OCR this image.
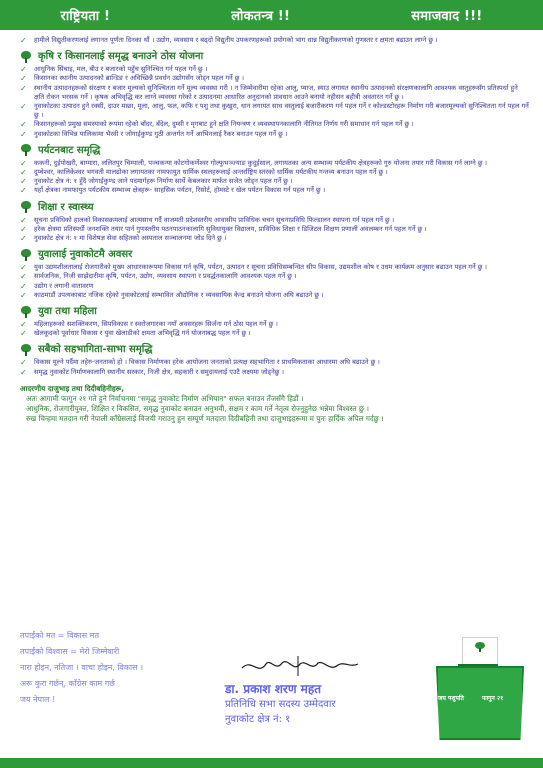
राष्ट्रियता !	लोकतन्त्र !!	समाजवाद !!!

✓ हामीले विद्युतीकरणलाई लगानत पूर्णता दिनका थौं । उद्योग, व्यवसाय र बढ्दो विद्युतीय उपकरणहरूको प्रयोगको भाग धान्न विद्युतीकरणको गुणस्तर र क्षमता बढाउन लाग्ने छु ।

कृषि र किसानलाई समृद्ध बनाउने ठोस योजना

✓ आधुनिक सिंचाइ, मल, बीउ र बजारको पहुँच सुनिश्चित गर्न पहल गर्ने छु ।

✓ किसानका स्थानीय उत्पादनको ब्रान्डिङ र अविच्छिन्नै प्रवर्धन उद्योगसँग जोड्न पहल गर्ने छु ।

✓ स्थानीय उत्पादनहरूको संरक्षण र बजार मूल्यको सुनिश्चितता गर्ने मूल्य व्यवस्था गरी । न जिम्मेवारीमा रहेका आलु, प्याज, स्याउ लगायत स्थानीय उत्पादनको संरक्षणकालागि आवश्यक वस्तुहरूसँग प्रतिस्पर्धा हुने क्षति रोकन भरसक गर्ने । कृषक अभिवृद्धि कर लाग्ने व्यवस्था गरेको र उत्पादनमा आधारित अनुदानको प्रावधान आउने बनायो नहीसन बहीत्री अवतारत गर्ने छु ।

✓ नुवाकोटका उत्पादन हुने रक्सी, दाउर माछा, मूला, आलु, फल, कफि र पशु तथा कुखुरा, धान लगायत साथ वस्तुलाई बजारीकरण गर्न पहल गर्ने र कोल्डस्टोरहरू निर्माण गरी बजारमूल्यको सुनिश्चितता गर्न पहल गर्ने छु ।

✓ किसानहरूको प्रमुख समस्याको रूपमा रहेको बाँदर, बँदेल, दुम्सी र मृगबाट हुने क्षति नियन्त्रण र व्यवस्थापनकालागि नीतिगत निर्णय गरी समाधान गर्न पहल गर्ने छु ।

✓ नुवाकोटका विभिन्न पालिकामा भैरवी र जोगाईकुण्ड गुठी अन्तर्गत गर्ने आभिनलाई रैकर बनाउन पहल गर्ने छु ।

पर्यटनबाट समृद्धि

✓ ककनी, दुईपोखरी, बाग्मारा, ललितपुर चिम्पाली, पञ्चकन्या कोटगोकर्णेश्वर गोल्फुभञ्ज्याङ कुदुईसाल, लगायतका अन्य सम्भाव्य पर्यटकीय क्षेत्रहरूको गुरु योजना तयार गरी विकास गर्न लाग्ने छु ।

✓ दुप्चेश्वर, कालिकेश्वर भगवती मालढोका लगायतका नामफायुत धार्मिक स्थलहरूलाई अन्तर्राष्ट्रिय स्तरको धार्मिक पर्यटकीय गन्तव्य बनाउन पहल गर्ने छु ।

✓ नुवाकोट क्षेत्र नं: १ हुँदै जोगाईकुण्ड जाने पदमार्गहरू निर्माण सार्थे केबलकार मार्फत सजेत जोड्न पहल गर्ने छु ।

✓ यहाँ क्षेत्रका नामफायुत पर्यटकीय सम्भाव्य क्षेत्रहरू- साहसिक पर्यटन, रिसोर्ट, होमस्टे र खेल पर्यटन विकास गर्न पहल गर्ने छु ।

शिक्षा र स्वास्थ्य

✓ सूचना प्रविधिको हालको विकासक्रमलाई आत्मसाथ गर्दै वाजमती प्रदेशस्तरीय आवासीय प्राविधिक चचन सूचनाप्रविधि फिल्डालन स्थापना गर्न पहल गर्ने छु ।

✓ हरेक क्षेत्रमा प्रतिस्पर्धी जनशक्ति तयार पार्न गुणस्तरीय पठनपाठनकालागि सुविधायुक्त विद्यालय, प्राविधिक शिक्षा र डिजिटल शिक्षण प्रणाली अवलम्बन गर्न पहल गर्ने छु ।

✓ नुवाकोट क्षेत्र नं: १ मा विशेषज्ञ सेवा सहितको अस्पताल सञ्चालनमा जोड दिने छु ।

युवालाई नुवाकोटमै अवसर

✓ युवा उद्यमशीलतालाई रोजगारीको मुख्य आधारकारूपमा विकास गर्न कृषि, पर्यटन, उत्पादन र सूचना प्रविधिसम्बन्धित सीप विकास, उद्यमशील कोष र उधम कार्यक्रम अनुसार बढाउन पहल गर्ने छु ।

✓ सार्वजनिक, निजी साझेदारीमा कृषि, पर्यटन, उद्योग, व्यवसाय स्थापना र प्रवर्द्धनकालागि आवश्यक पहल गर्ने छु ।

✓ उद्योग र लगानी वातावरण

✓ काठमाडौं उपत्यकाबाट नजिक रहेको नुवाकोटलाई सम्भावित औद्योगिक र व्यवसायिक केन्द्र बनाउने योजना अघि बढाउने छु ।

युवा तथा महिला

✓ महिलाहरूको सशक्तिकरण, सिपविकास र स्वरोजगारका नयाँ अवसरहरू सिर्जना गर्न ठोस पहल गर्ने छु ।

✓ खेलकूदको पूर्वाधार विकास र युवा खेलाडीको क्षमता अभिवृद्धि गर्न योजनाबद्ध पहल गर्ने छु ।

सबैको सहभागिता-साभा समृद्धि

✓ विकास मूल्ने पर्दैमा तहेरु-जनताको हो । विकास निर्माणका हरेक आयोजना जनताको प्रत्यक्ष सहभागिता र प्राथमिकताका आधारमा अघि बढाउने छु ।

✓ समृद्ध नुवाकोट निर्माणकालागि स्थानीय सरकार, निजी क्षेत्र, सहकारी र समुदायलाई एउटै लक्ष्यमा जोड्नेछु ।

आदरणीय दाजुभाइ तथा दिदीबहिनीहरू,

अतः आगामी फागुन २१ गते हुने निर्वाचनमा "समृद्ध नुवाकोट निर्माण अभियान" सफल बनाउन तँजसँगै हिडौं ।

आधुनिक, रोजगारीयुक्त, शिक्षित र विकसित, समृद्ध नुवाकोट बनाउन अनुभवी, सक्षम र काम गर्ने नेतृत्व रोज्नुहुनेछ भन्नेमा विश्वस्त छु ।

रुख चिन्हमा मतदान गरी नेपाली काँग्रेसलाई विजयी गराउनु हुन सम्पूर्ण मतदाता दिदीबहिनी तथा दाजुभाइहरूमा म पुनः हार्दिक अपिल गर्दछु ।

तपाईंको मत = विकास मत
तपाईंको विश्वास = मेरो जिम्मेवारी
नारा होइन, नतिजा । वाचा होइन, विकास ।
अरू कुरा गर्छन्, काँग्रेस काम गर्छ
जय नेपाल !
डा. प्रकाश शरण महत
प्रतिनिधि सभा सदस्य उम्मेदवार
नुवाकोट क्षेत्र नं: १
जय पशुपति	फागुन २१
